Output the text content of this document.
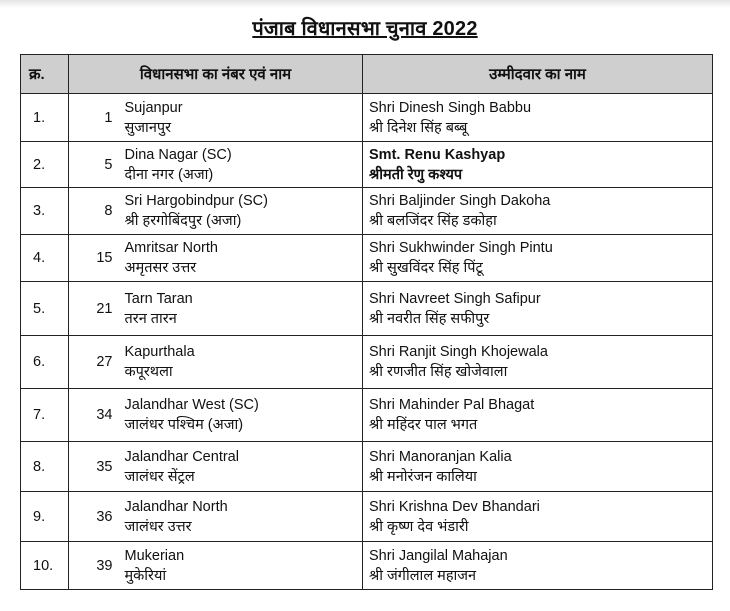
पंजाब विधानसभा चुनाव 2022
क्र.	विधानसभा का नंबर एवं नाम		उम्मीदवार का नाम
1.	1	Sujanpur
सुजानपुर	Shri Dinesh Singh Babbu
श्री दिनेश सिंह बब्बू

2.	5	Dina Nagar (SC)
दीना नगर (अजा)	Smt. Renu Kashyap
श्रीमती रेणु कश्यप

3.	8	Sri Hargobindpur (SC)
श्री हरगोबिंदपुर (अजा)	Shri Baljinder Singh Dakoha
श्री बलजिंदर सिंह डकोहा

4.	15	Amritsar North
अमृतसर उत्तर	Shri Sukhwinder Singh Pintu
श्री सुखविंदर सिंह पिंटू

5.	21	Tarn Taran
तरन तारन	Shri Navreet Singh Safipur
श्री नवरीत सिंह सफीपुर

6.	27	Kapurthala
कपूरथला	Shri Ranjit Singh Khojewala
श्री रणजीत सिंह खोजेवाला

7.	34	Jalandhar West (SC)
जालंधर पश्चिम (अजा)	Shri Mahinder Pal Bhagat
श्री महिंदर पाल भगत

8.	35	Jalandhar Central
जालंधर सेंट्रल	Shri Manoranjan Kalia
श्री मनोरंजन कालिया

9.	36	Jalandhar North
जालंधर उत्तर	Shri Krishna Dev Bhandari
श्री कृष्ण देव भंडारी

10.	39	Mukerian
मुकेरियां	Shri Jangilal Mahajan
श्री जंगीलाल महाजन
